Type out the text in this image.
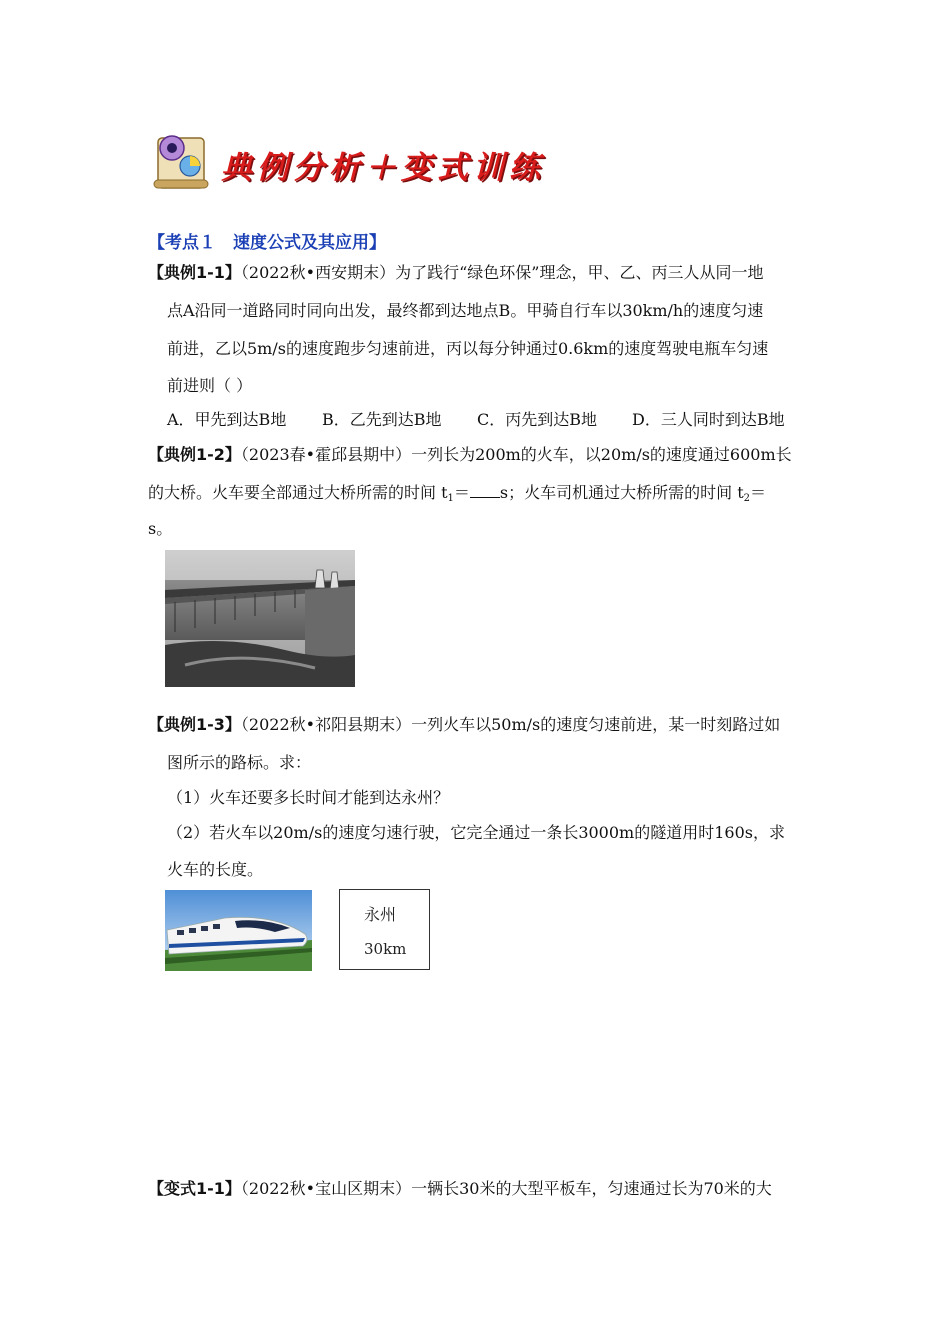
典例分析＋变式训练
【考点１　速度公式及其应用】
【典例1-1】（2022秋•西安期末）为了践行“绿色环保”理念，甲、乙、丙三人从同一地
点A沿同一道路同时同向出发，最终都到达地点B。甲骑自行车以30km/h的速度匀速
前进，乙以5m/s的速度跑步匀速前进，丙以每分钟通过0.6km的速度驾驶电瓶车匀速
前进则（ ）
A．甲先到达B地 B．乙先到达B地 C．丙先到达B地 D．三人同时到达B地
【典例1-2】（2023春•霍邱县期中）一列长为200m的火车，以20m/s的速度通过600m长
的大桥。火车要全部通过大桥所需的时间 $t_1= s$；火车司机通过大桥所需的时间 $t_2=$
s。
【典例1-3】（2022秋•祁阳县期末）一列火车以50m/s的速度匀速前进，某一时刻路过如
图所示的路标。求：
（1）火车还要多长时间才能到达永州？
（2）若火车以20m/s的速度匀速行驶，它完全通过一条长3000m的隧道用时160s，求
火车的长度。
永州
30km
【变式1-1】（2022秋•宝山区期末）一辆长30米的大型平板车，匀速通过长为70米的大
